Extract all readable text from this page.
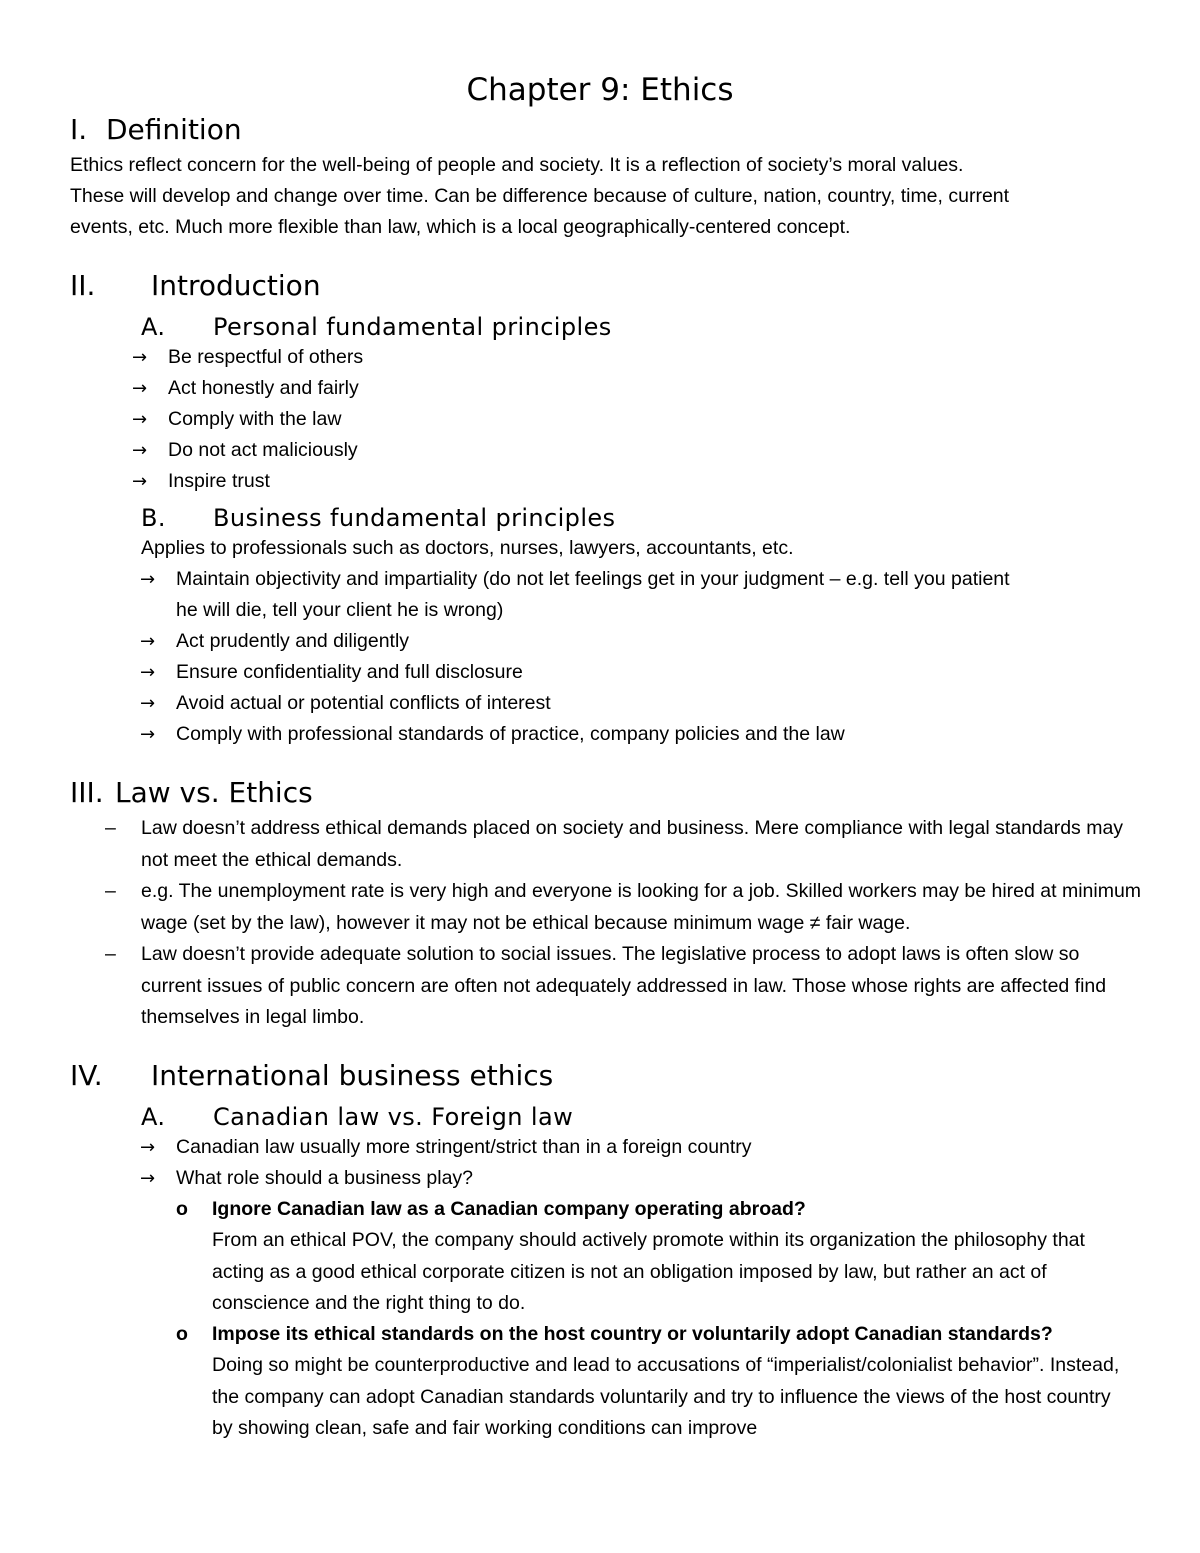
Chapter 9: Ethics
I. Definition
Ethics reflect concern for the well-being of people and society. It is a reflection of society’s moral values.
These will develop and change over time. Can be difference because of culture, nation, country, time, current
events, etc. Much more flexible than law, which is a local geographically-centered concept.
II. Introduction
A. Personal fundamental principles
→ Be respectful of others
→ Act honestly and fairly
→ Comply with the law
→ Do not act maliciously
→ Inspire trust
B. Business fundamental principles
Applies to professionals such as doctors, nurses, lawyers, accountants, etc.
→ Maintain objectivity and impartiality (do not let feelings get in your judgment – e.g. tell you patient
he will die, tell your client he is wrong)
→ Act prudently and diligently
→ Ensure confidentiality and full disclosure
→ Avoid actual or potential conflicts of interest
→ Comply with professional standards of practice, company policies and the law
III. Law vs. Ethics
– Law doesn’t address ethical demands placed on society and business. Mere compliance with legal standards may not meet the ethical demands.
– e.g. The unemployment rate is very high and everyone is looking for a job. Skilled workers may be hired at minimum wage (set by the law), however it may not be ethical because minimum wage ≠ fair wage.
– Law doesn’t provide adequate solution to social issues. The legislative process to adopt laws is often slow so current issues of public concern are often not adequately addressed in law. Those whose rights are affected find themselves in legal limbo.
IV. International business ethics
A. Canadian law vs. Foreign law
→ Canadian law usually more stringent/strict than in a foreign country
→ What role should a business play?
o Ignore Canadian law as a Canadian company operating abroad?
From an ethical POV, the company should actively promote within its organization the philosophy that acting as a good ethical corporate citizen is not an obligation imposed by law, but rather an act of conscience and the right thing to do.
o Impose its ethical standards on the host country or voluntarily adopt Canadian standards?
Doing so might be counterproductive and lead to accusations of “imperialist/colonialist behavior”. Instead, the company can adopt Canadian standards voluntarily and try to influence the views of the host country by showing clean, safe and fair working conditions can improve
